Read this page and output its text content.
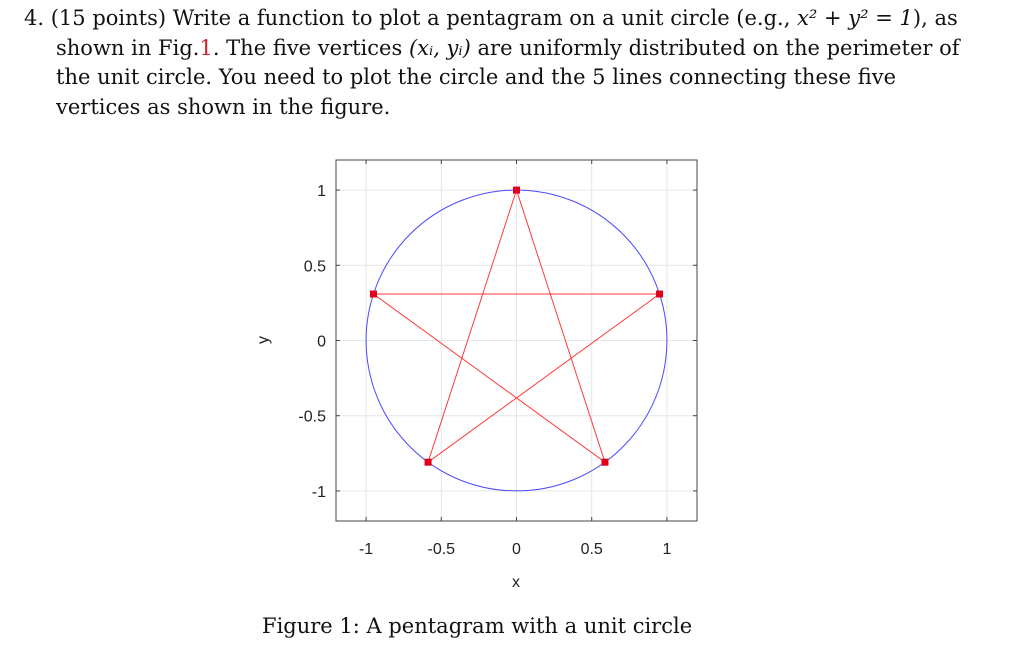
4. (15 points) Write a function to plot a pentagram on a unit circle (e.g., x² + y² = 1), as shown in Fig.1. The five vertices (xᵢ, yᵢ) are uniformly distributed on the perimeter of the unit circle. You need to plot the circle and the 5 lines connecting these five vertices as shown in the figure.
-1	-0.5	0	0.5	1
1
0.5
0
-0.5
-1
x
y
Figure 1: A pentagram with a unit circle
